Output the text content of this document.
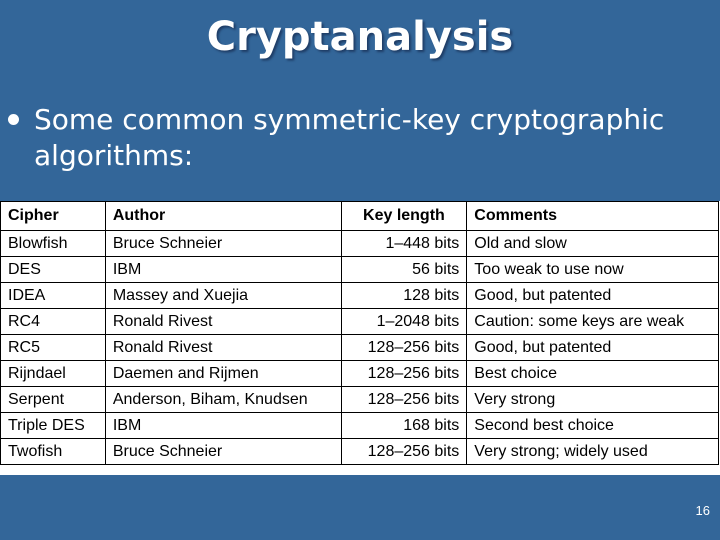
Cryptanalysis
Some common symmetric-key cryptographic algorithms:
Cipher	Author	Key length	Comments
Blowfish	Bruce Schneier	1–448 bits	Old and slow
DES	IBM	56 bits	Too weak to use now
IDEA	Massey and Xuejia	128 bits	Good, but patented
RC4	Ronald Rivest	1–2048 bits	Caution: some keys are weak
RC5	Ronald Rivest	128–256 bits	Good, but patented
Rijndael	Daemen and Rijmen	128–256 bits	Best choice
Serpent	Anderson, Biham, Knudsen	128–256 bits	Very strong
Triple DES	IBM	168 bits	Second best choice
Twofish	Bruce Schneier	128–256 bits	Very strong; widely used
16
